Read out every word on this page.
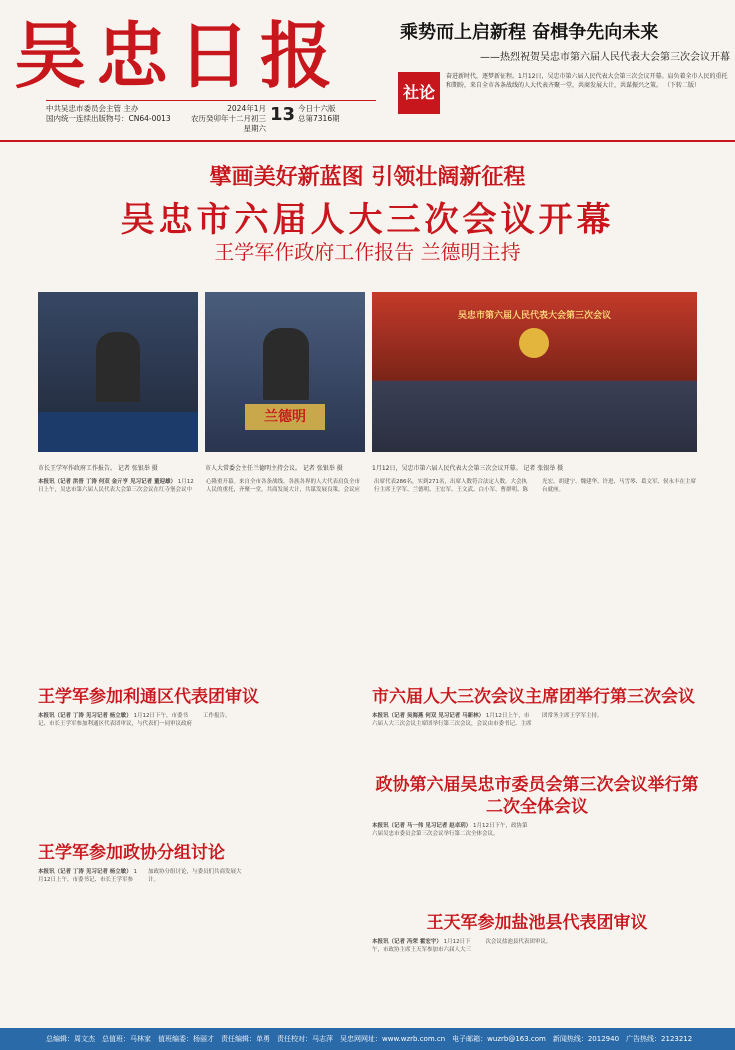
吴忠日报
中共吴忠市委员会主管 主办
国内统一连续出版物号：CN64-0013
2024年1月
农历癸卯年十二月初三 星期六
13 今日十六版
总第7316期
乘势而上启新程 奋楫争先向未来
——热烈祝贺吴忠市第六届人民代表大会第三次会议开幕
社论
奋进新时代，逐梦新征程。1月12日，吴忠市第六届人民代表大会第三次会议开幕。肩负着全市人民的重托和期盼，来自全市各条战线的人大代表齐聚一堂，共商发展大计，共谋振兴之策。 （下转二版）
擘画美好新蓝图 引领壮阔新征程
吴忠市六届人大三次会议开幕
王学军作政府工作报告 兰德明主持
市长王学军作政府工作报告。 记者 张银举 摄
兰德明
市人大常委会主任兰德明主持会议。 记者 张银举 摄
吴忠市第六届人民代表大会第三次会议
1月12日，吴忠市第六届人民代表大会第三次会议开幕。 记者 张银举 摄
本报讯（记者 洪晋 丁涛 何双 金亓亨 见习记者 董迎雄） 1月12日上午，吴忠市第六届人民代表大会第三次会议在红寺堡会议中心隆重开幕。来自全市各条战线、各族各界的人大代表肩负全市人民的重托，齐聚一堂，共商发展大计，共谋发展良策。会议应出席代表286名，实到271名，出席人数符合法定人数。大会执行主席王学军、兰德明、王宏军、王文武、白小军、曹群明、陈光宏、胡建宁、魏建华、许进、马雪琴、葛文军、侯永丰在主席台就座。
王学军参加利通区代表团审议
本报讯（记者 丁涛 见习记者 杨立敏） 1月12日下午，市委书记、市长王学军参加利通区代表团审议，与代表们一同审议政府工作报告。
市六届人大三次会议主席团举行第三次会议
本报讯（记者 吴海燕 何双 见习记者 马新林） 1月12日上午，市六届人大三次会议主席团举行第三次会议，会议由市委书记、主席团常务主席王学军主持。
政协第六届吴忠市委员会第三次会议举行第二次全体会议
本报讯（记者 马一伟 见习记者 赵卓玥） 1月12日下午，政协第六届吴忠市委员会第三次会议举行第二次全体会议。
王学军参加政协分组讨论
本报讯（记者 丁涛 见习记者 杨立敏） 1月12日上午，市委书记、市长王学军参加政协分组讨论，与委员们共商发展大计。
王天军参加盐池县代表团审议
本报讯（记者 冯荣 霍宏宇） 1月12日下午，市政协主席王天军参加市六届人大三次会议盐池县代表团审议。
总编辑：周文杰　总值班：马林家　值班编委：杨丽才　责任编辑：单勇　责任校对：马志萍　吴忠网网址：www.wzrb.com.cn　电子邮箱：wuzrb@163.com　新闻热线：2012940　广告热线：2123212
